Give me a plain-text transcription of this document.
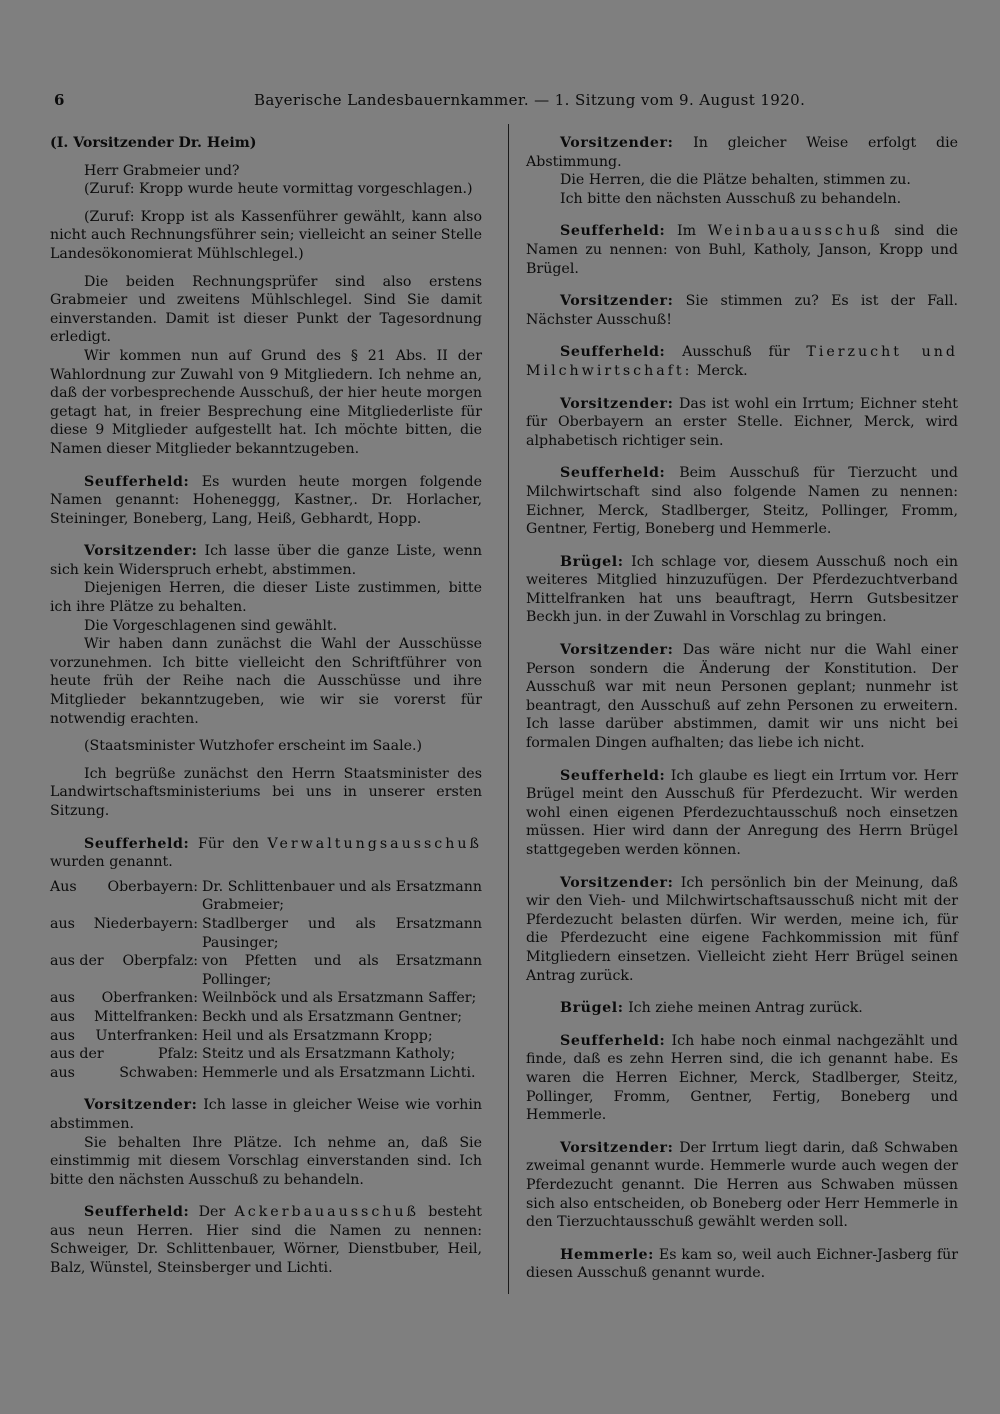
6	Bayerische Landesbauernkammer. — 1. Sitzung vom 9. August 1920.

(I. Vorsitzender Dr. Heim)

Herr Grabmeier und?

(Zuruf: Kropp wurde heute vormittag vorgeschlagen.)

(Zuruf: Kropp ist als Kassenführer gewählt, kann also nicht auch Rechnungsführer sein; vielleicht an seiner Stelle Landesökonomierat Mühlschlegel.)

Die beiden Rechnungsprüfer sind also erstens Grabmeier und zweitens Mühlschlegel. Sind Sie damit einverstanden. Damit ist dieser Punkt der Tagesordnung erledigt.

Wir kommen nun auf Grund des § 21 Abs. II der Wahlordnung zur Zuwahl von 9 Mitgliedern. Ich nehme an, daß der vorbesprechende Ausschuß, der hier heute morgen getagt hat, in freier Besprechung eine Mitgliederliste für diese 9 Mitglieder aufgestellt hat. Ich möchte bitten, die Namen dieser Mitglieder bekanntzugeben.

Seufferheld: Es wurden heute morgen folgende Namen genannt: Hoheneggg, Kastner,. Dr. Horlacher, Steininger, Boneberg, Lang, Heiß, Gebhardt, Hopp.

Vorsitzender: Ich lasse über die ganze Liste, wenn sich kein Widerspruch erhebt, abstimmen.

Diejenigen Herren, die dieser Liste zustimmen, bitte ich ihre Plätze zu behalten.

Die Vorgeschlagenen sind gewählt.

Wir haben dann zunächst die Wahl der Ausschüsse vorzunehmen. Ich bitte vielleicht den Schriftführer von heute früh der Reihe nach die Ausschüsse und ihre Mitglieder bekanntzugeben, wie wir sie vorerst für notwendig erachten.

(Staatsminister Wutzhofer erscheint im Saale.)

Ich begrüße zunächst den Herrn Staatsminister des Landwirtschaftsministeriums bei uns in unserer ersten Sitzung.

Seufferheld: Für den Verwaltungsausschuß wurden genannt.

Aus Oberbayern:	Dr. Schlittenbauer und als Ersatzmann Grabmeier;
aus Niederbayern:	Stadlberger und als Ersatzmann Pausinger;
aus der Oberpfalz:	von Pfetten und als Ersatzmann Pollinger;
aus Oberfranken:	Weilnböck und als Ersatzmann Saffer;
aus Mittelfranken:	Beckh und als Ersatzmann Gentner;
aus Unterfranken:	Heil und als Ersatzmann Kropp;
aus der Pfalz:	Steitz und als Ersatzmann Katholy;
aus Schwaben:	Hemmerle und als Ersatzmann Lichti.

Vorsitzender: Ich lasse in gleicher Weise wie vorhin abstimmen.

Sie behalten Ihre Plätze. Ich nehme an, daß Sie einstimmig mit diesem Vorschlag einverstanden sind. Ich bitte den nächsten Ausschuß zu behandeln.

Seufferheld: Der Ackerbauausschuß besteht aus neun Herren. Hier sind die Namen zu nennen: Schweiger, Dr. Schlittenbauer, Wörner, Dienstbuber, Heil, Balz, Wünstel, Steinsberger und Lichti.

Vorsitzender: In gleicher Weise erfolgt die Abstimmung.

Die Herren, die die Plätze behalten, stimmen zu.

Ich bitte den nächsten Ausschuß zu behandeln.

Seufferheld: Im Weinbauausschuß sind die Namen zu nennen: von Buhl, Katholy, Janson, Kropp und Brügel.

Vorsitzender: Sie stimmen zu? Es ist der Fall. Nächster Ausschuß!

Seufferheld: Ausschuß für Tierzucht und Milchwirtschaft: Merck.

Vorsitzender: Das ist wohl ein Irrtum; Eichner steht für Oberbayern an erster Stelle. Eichner, Merck, wird alphabetisch richtiger sein.

Seufferheld: Beim Ausschuß für Tierzucht und Milchwirtschaft sind also folgende Namen zu nennen: Eichner, Merck, Stadlberger, Steitz, Pollinger, Fromm, Gentner, Fertig, Boneberg und Hemmerle.

Brügel: Ich schlage vor, diesem Ausschuß noch ein weiteres Mitglied hinzuzufügen. Der Pferdezuchtverband Mittelfranken hat uns beauftragt, Herrn Gutsbesitzer Beckh jun. in der Zuwahl in Vorschlag zu bringen.

Vorsitzender: Das wäre nicht nur die Wahl einer Person sondern die Änderung der Konstitution. Der Ausschuß war mit neun Personen geplant; nunmehr ist beantragt, den Ausschuß auf zehn Personen zu erweitern. Ich lasse darüber abstimmen, damit wir uns nicht bei formalen Dingen aufhalten; das liebe ich nicht.

Seufferheld: Ich glaube es liegt ein Irrtum vor. Herr Brügel meint den Ausschuß für Pferdezucht. Wir werden wohl einen eigenen Pferdezuchtausschuß noch einsetzen müssen. Hier wird dann der Anregung des Herrn Brügel stattgegeben werden können.

Vorsitzender: Ich persönlich bin der Meinung, daß wir den Vieh- und Milchwirtschaftsausschuß nicht mit der Pferdezucht belasten dürfen. Wir werden, meine ich, für die Pferdezucht eine eigene Fachkommission mit fünf Mitgliedern einsetzen. Vielleicht zieht Herr Brügel seinen Antrag zurück.

Brügel: Ich ziehe meinen Antrag zurück.

Seufferheld: Ich habe noch einmal nachgezählt und finde, daß es zehn Herren sind, die ich genannt habe. Es waren die Herren Eichner, Merck, Stadlberger, Steitz, Pollinger, Fromm, Gentner, Fertig, Boneberg und Hemmerle.

Vorsitzender: Der Irrtum liegt darin, daß Schwaben zweimal genannt wurde. Hemmerle wurde auch wegen der Pferdezucht genannt. Die Herren aus Schwaben müssen sich also entscheiden, ob Boneberg oder Herr Hemmerle in den Tierzuchtausschuß gewählt werden soll.

Hemmerle: Es kam so, weil auch Eichner-Jasberg für diesen Ausschuß genannt wurde.
